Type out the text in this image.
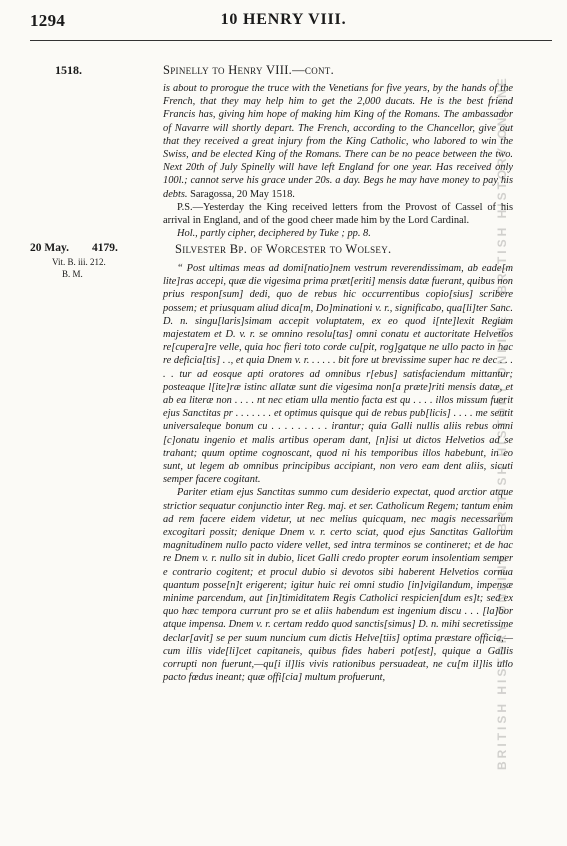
1294	10 HENRY VIII.
1518.	Spinelly to Henry VIII.—cont.

is about to prorogue the truce with the Venetians for five years, by the hands of the French, that they may help him to get the 2,000 ducats. He is the best friend Francis has, giving him hope of making him King of the Romans. The ambassador of Navarre will shortly depart. The French, according to the Chancellor, give out that they received a great injury from the King Catholic, who labored to win the Swiss, and be elected King of the Romans. There can be no peace between the two. Next 20th of July Spinelly will have left England for one year. Has received only 100l.; cannot serve his grace under 20s. a day. Begs he may have money to pay his debts. Saragossa, 20 May 1518.

P.S.—Yesterday the King received letters from the Provost of Cassel of his arrival in England, and of the good cheer made him by the Lord Cardinal.

Hol., partly cipher, deciphered by Tuke ; pp. 8.

20 May. 4179.
Vit. B. iii. 212.
B. M.
Silvester Bp. of Worcester to Wolsey.

“ Post ultimas meas ad domi[natio]nem vestrum reverendissimam, ab eade[m lite]ras accepi, quæ die vigesima prima præt[eriti] mensis datæ fuerant, quibus non prius respon[sum] dedi, quo de rebus hic occurrentibus copio[sius] scribere possem; et priusquam aliud dica[m, Do]minationi v. r., significabo, qua[li]ter Sanc. D. n. singu[laris]simam accepit voluptatem, ex eo quod i[nte]lexit Regiam majestatem et D. v. r. se omnino resolu[tas] omni conatu et auctoritate Helvetios re[cupera]re velle, quia hoc fieri toto corde cu[pit, rog]gatque ne ullo pacto in hac re deficia[tis] . ., et quia Dnem v. r. . . . . . bit fore ut brevissime super hac re dec . . . . . tur ad eosque apti oratores ad omnibus r[ebus] satisfaciendum mittantur; posteaque l[ite]ræ istinc allatæ sunt die vigesima non[a præte]riti mensis datæ, et ab ea literæ non . . . . nt nec etiam ulla mentio facta est qu . . . . illos missum fuerit ejus Sanctitas pr . . . . . . . et optimus quisque qui de rebus pub[licis] . . . . me sentit universaleque bonum cu . . . . . . . . . irantur; quia Galli nullis aliis rebus omni [c]onatu ingenio et malis artibus operam dant, [n]isi ut dictos Helvetios ad se trahant; quum optime cognoscant, quod ni his temporibus illos habebunt, in eo sunt, ut legem ab omnibus principibus accipiant, non vero eam dent aliis, sicuti semper facere cogitant.

Pariter etiam ejus Sanctitas summo cum desiderio expectat, quod arctior atque strictior sequatur conjunctio inter Reg. maj. et ser. Catholicum Regem; tantum enim ad rem facere eidem videtur, ut nec melius quicquam, nec magis necessarium excogitari possit; denique Dnem v. r. certo sciat, quod ejus Sanctitas Gallorum magnitudinem nullo pacto videre vellet, sed intra terminos se contineret; et de hac re Dnem v. r. nullo sit in dubio, licet Galli credo propter eorum insolentiam semper e contrario cogitent; et procul dubio si devotos sibi haberent Helvetios cornua quantum posse[n]t erigerent; igitur huic rei omni studio [in]vigilandum, impensæ minime parcendum, aut [in]timiditatem Regis Catholici respicien[dum es]t; sed ex quo hæc tempora currunt pro se et aliis habendum est ingenium discu . . . [la]bor atque impensa. Dnem v. r. certam reddo quod sanctis[simus] D. n. mihi secretissime declar[avit] se per suum nuncium cum dictis Helve[tiis] optima præstare officia,—cum illis vide[li]cet capitaneis, quibus fides haberi pot[est], quique a Gallis corrupti non fuerunt,—qu[i il]lis vivis rationibus persuadeat, ne cu[m il]lis ullo pacto fœdus ineant; quæ offi[cia] multum profuerunt,	BRITISH HISTORY ONLINE · BRITISH HISTORY ONLINE · BRITISH HISTORY ONLINE
